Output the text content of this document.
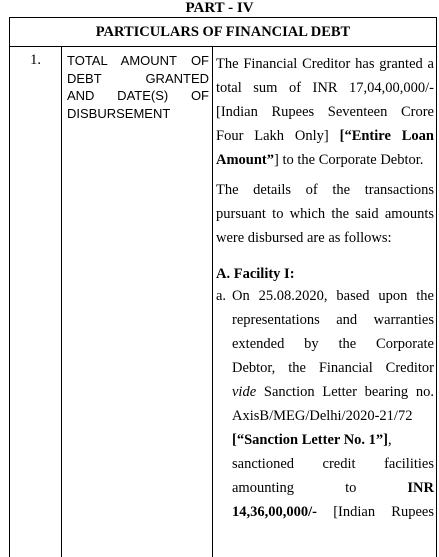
PART - IV
PARTICULARS OF FINANCIAL DEBT
1.	TOTAL AMOUNT OF
DEBT GRANTED
AND DATE(S) OF
DISBURSEMENT
The Financial Creditor has granted a
total sum of INR 17,04,00,000/-
[Indian Rupees Seventeen Crore
Four Lakh Only] [“Entire Loan
Amount”] to the Corporate Debtor.
The details of the transactions
pursuant to which the said amounts
were disbursed are as follows:
A. Facility I:
a. On 25.08.2020, based upon the
representations and warranties
extended by the Corporate
Debtor, the Financial Creditor
vide Sanction Letter bearing no.
AxisB/MEG/Delhi/2020-21/72
[“Sanction Letter No. 1”],
sanctioned credit facilities
amounting to INR
14,36,00,000/- [Indian Rupees
